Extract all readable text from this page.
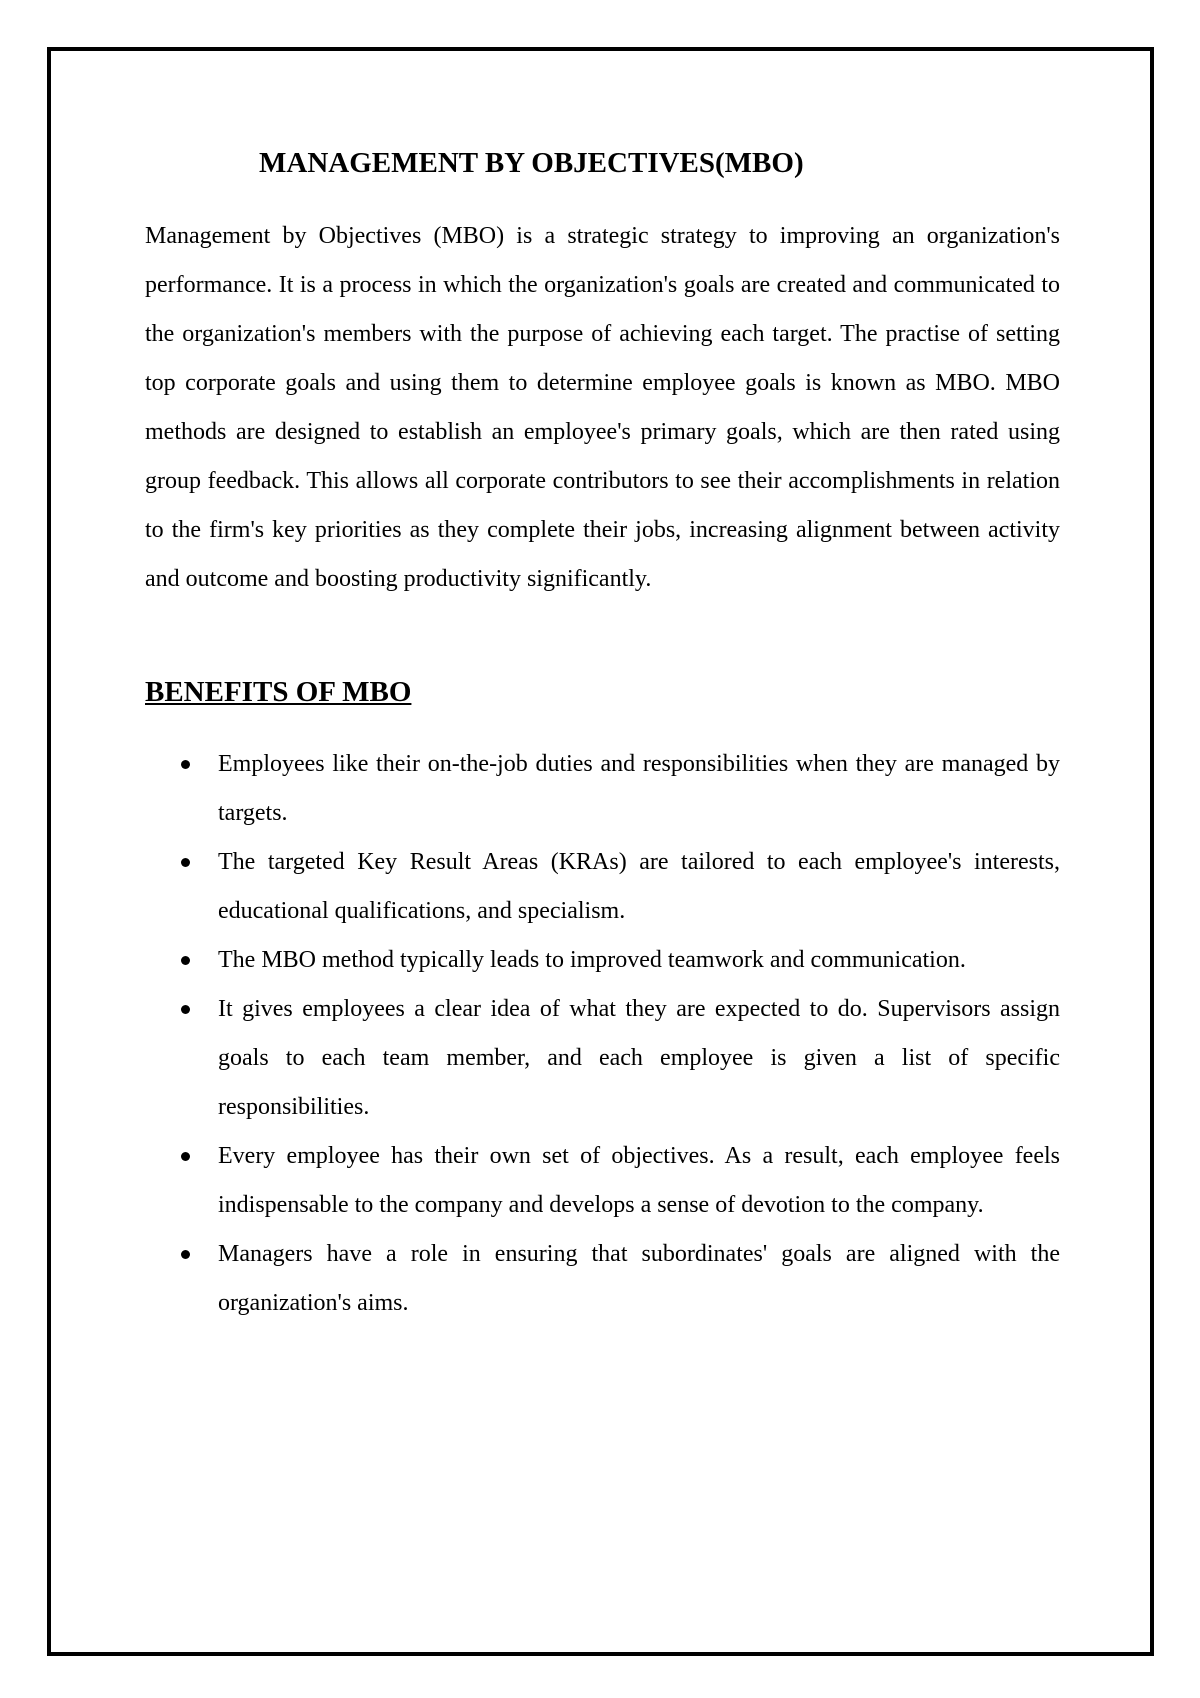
MANAGEMENT BY OBJECTIVES(MBO)

Management by Objectives (MBO) is a strategic strategy to improving an organization's performance. It is a process in which the organization's goals are created and communicated to the organization's members with the purpose of achieving each target. The practise of setting top corporate goals and using them to determine employee goals is known as MBO. MBO methods are designed to establish an employee's primary goals, which are then rated using group feedback. This allows all corporate contributors to see their accomplishments in relation to the firm's key priorities as they complete their jobs, increasing alignment between activity and outcome and boosting productivity significantly.

BENEFITS OF MBO
Employees like their on-the-job duties and responsibilities when they are managed by targets.
The targeted Key Result Areas (KRAs) are tailored to each employee's interests, educational qualifications, and specialism.
The MBO method typically leads to improved teamwork and communication.
It gives employees a clear idea of what they are expected to do. Supervisors assign goals to each team member, and each employee is given a list of specific responsibilities.
Every employee has their own set of objectives. As a result, each employee feels indispensable to the company and develops a sense of devotion to the company.
Managers have a role in ensuring that subordinates' goals are aligned with the organization's aims.
